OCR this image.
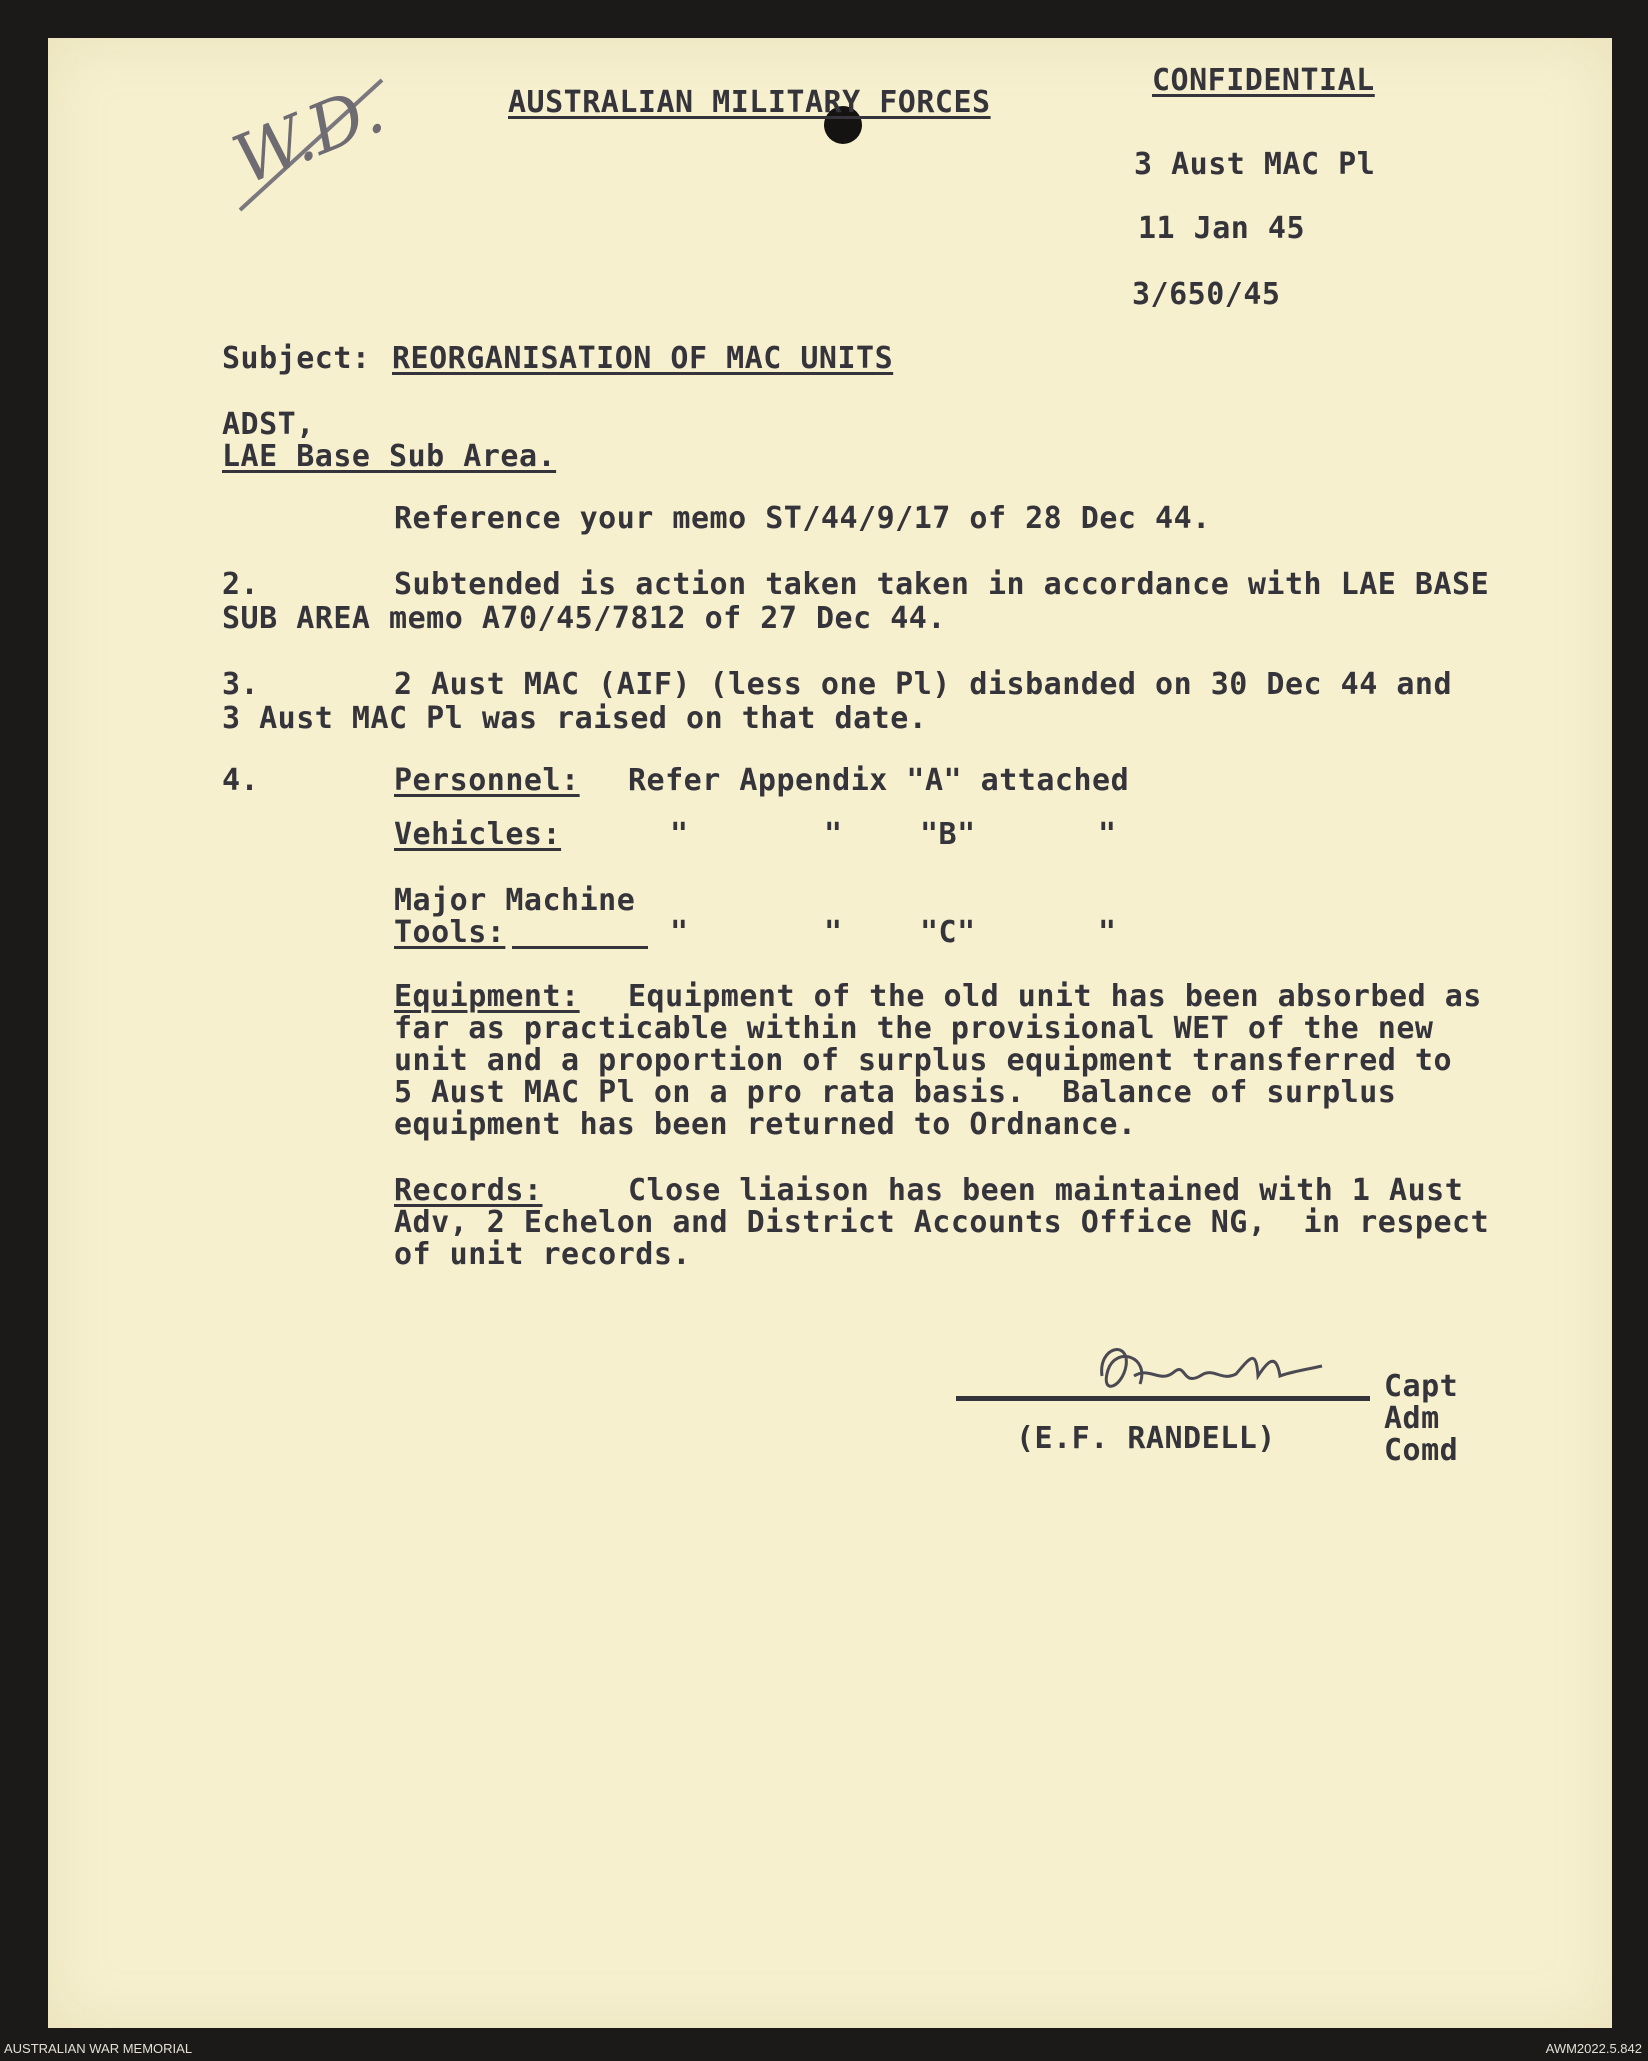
W.D.	AUSTRALIAN MILITARY FORCES
CONFIDENTIAL
3 Aust MAC Pl
11 Jan 45
3/650/45
Subject: REORGANISATION OF MAC UNITS
ADST,
LAE Base Sub Area.
Reference your memo ST/44/9/17 of 28 Dec 44.
2.	Subtended is action taken taken in accordance with LAE BASE
SUB AREA memo A70/45/7812 of 27 Dec 44.
3.	2 Aust MAC (AIF) (less one Pl) disbanded on 30 Dec 44 and
3 Aust MAC Pl was raised on that date.
4.	Personnel: Refer Appendix "A" attached
Vehicles:	"	"	"B"	"
Major Machine
Tools:	"	"	"C"	"
Equipment: Equipment of the old unit has been absorbed as
far as practicable within the provisional WET of the new
unit and a proportion of surplus equipment transferred to
5 Aust MAC Pl on a pro rata basis.  Balance of surplus
equipment has been returned to Ordnance.
Records:	Close liaison has been maintained with 1 Aust
Adv, 2 Echelon and District Accounts Office NG,  in respect
of unit records.
Capt
(E.F. RANDELL)
Adm
Comd
AUSTRALIAN WAR MEMORIAL	AWM2022.5.842
